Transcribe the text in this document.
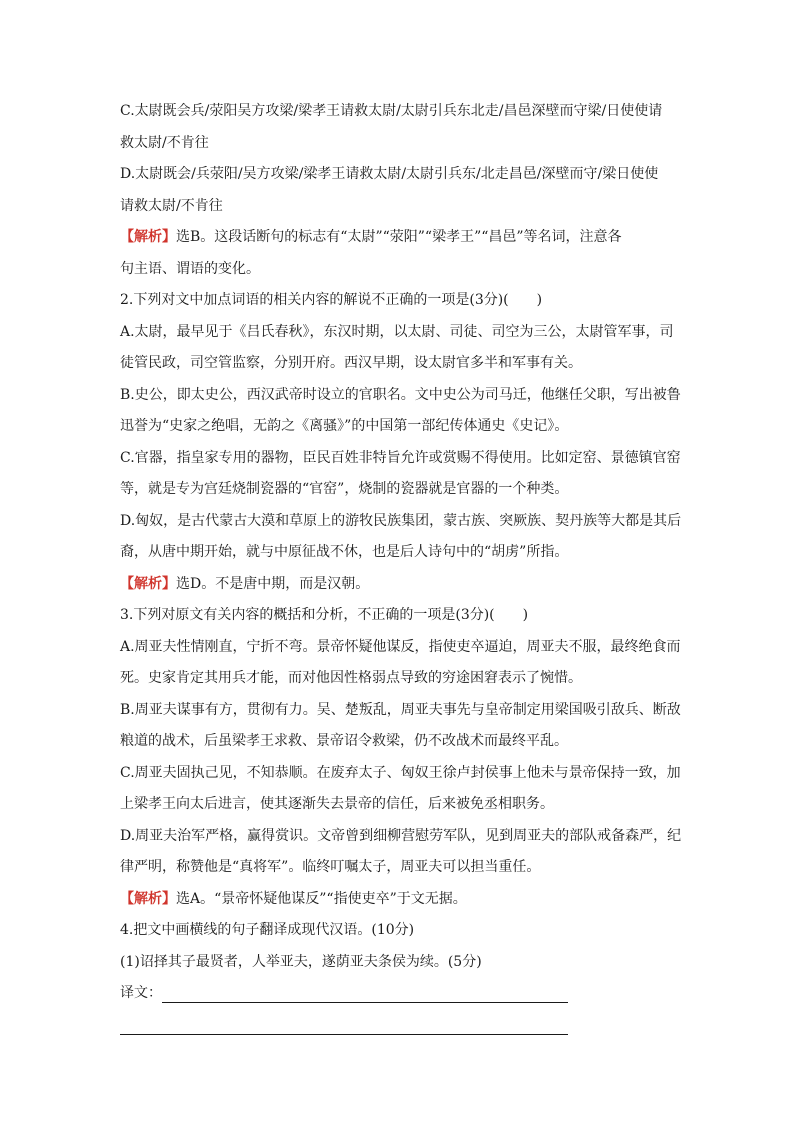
C.太尉既会兵/荥阳吴方攻梁/梁孝王请救太尉/太尉引兵东北走/昌邑深壁而守梁/日使使请
救太尉/不肯往
D.太尉既会/兵荥阳/吴方攻梁/梁孝王请救太尉/太尉引兵东/北走昌邑/深壁而守/梁日使使
请救太尉/不肯往
【解析】选B。这段话断句的标志有“太尉”“荥阳”“梁孝王”“昌邑”等名词，注意各
句主语、谓语的变化。
2.下列对文中加点词语的相关内容的解说不正确的一项是(3分)(　　)
A.太尉，最早见于《吕氏春秋》，东汉时期，以太尉、司徒、司空为三公，太尉管军事，司
徒管民政，司空管监察，分别开府。西汉早期，设太尉官多半和军事有关。
B.史公，即太史公，西汉武帝时设立的官职名。文中史公为司马迁，他继任父职，写出被鲁
迅誉为“史家之绝唱，无韵之《离骚》”的中国第一部纪传体通史《史记》。
C.官器，指皇家专用的器物，臣民百姓非特旨允许或赏赐不得使用。比如定窑、景德镇官窑
等，就是专为宫廷烧制瓷器的“官窑”，烧制的瓷器就是官器的一个种类。
D.匈奴，是古代蒙古大漠和草原上的游牧民族集团，蒙古族、突厥族、契丹族等大都是其后
裔，从唐中期开始，就与中原征战不休，也是后人诗句中的“胡虏”所指。
【解析】选D。不是唐中期，而是汉朝。
3.下列对原文有关内容的概括和分析，不正确的一项是(3分)(　　)
A.周亚夫性情刚直，宁折不弯。景帝怀疑他谋反，指使吏卒逼迫，周亚夫不服，最终绝食而
死。史家肯定其用兵才能，而对他因性格弱点导致的穷途困窘表示了惋惜。
B.周亚夫谋事有方，贯彻有力。吴、楚叛乱，周亚夫事先与皇帝制定用梁国吸引敌兵、断敌
粮道的战术，后虽梁孝王求救、景帝诏令救梁，仍不改战术而最终平乱。
C.周亚夫固执己见，不知恭顺。在废弃太子、匈奴王徐卢封侯事上他未与景帝保持一致，加
上梁孝王向太后进言，使其逐渐失去景帝的信任，后来被免丞相职务。
D.周亚夫治军严格，赢得赏识。文帝曾到细柳营慰劳军队，见到周亚夫的部队戒备森严，纪
律严明，称赞他是“真将军”。临终叮嘱太子，周亚夫可以担当重任。
【解析】选A。“景帝怀疑他谋反”“指使吏卒”于文无据。
4.把文中画横线的句子翻译成现代汉语。(10分)
(1)诏择其子最贤者，人举亚夫，遂荫亚夫条侯为续。(5分)
译文：
